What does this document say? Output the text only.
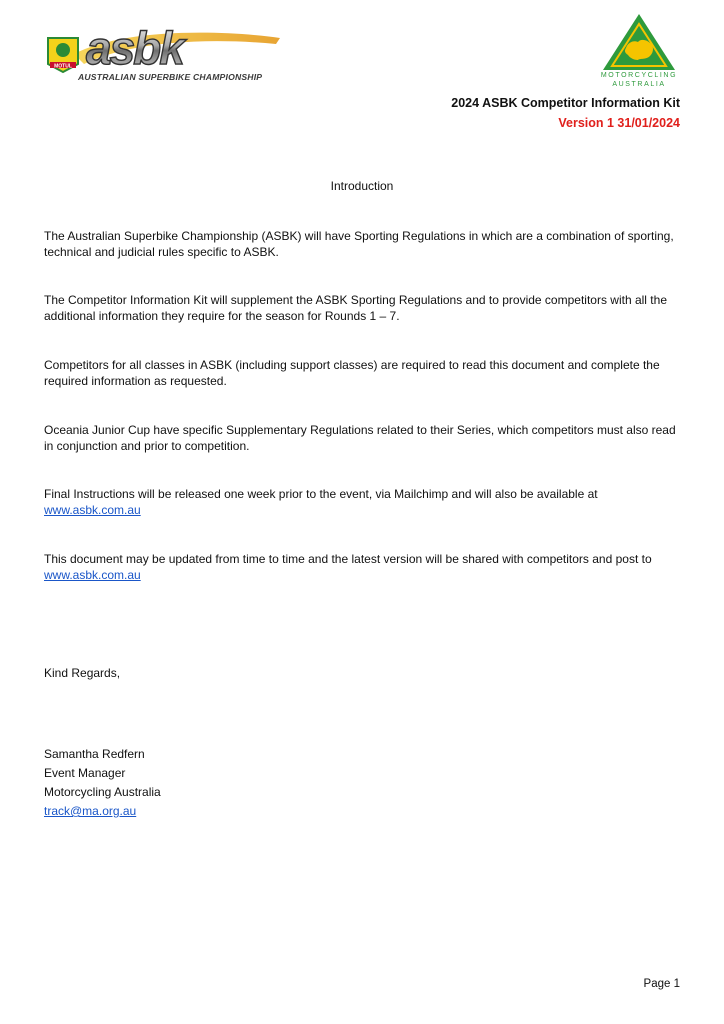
MOTUL asbk
AUSTRALIAN SUPERBIKE CHAMPIONSHIP	MOTORCYCLING
AUSTRALIA
2024 ASBK Competitor Information Kit
Version 1 31/01/2024
Introduction
The Australian Superbike Championship (ASBK) will have Sporting Regulations in which are a combination of sporting, technical and judicial rules specific to ASBK.
The Competitor Information Kit will supplement the ASBK Sporting Regulations and to provide competitors with all the additional information they require for the season for Rounds 1 – 7.
Competitors for all classes in ASBK (including support classes) are required to read this document and complete the required information as requested.
Oceania Junior Cup have specific Supplementary Regulations related to their Series, which competitors must also read in conjunction and prior to competition.
Final Instructions will be released one week prior to the event, via Mailchimp and will also be available at
www.asbk.com.au
This document may be updated from time to time and the latest version will be shared with competitors and post to
www.asbk.com.au
Kind Regards,
Samantha Redfern
Event Manager
Motorcycling Australia
track@ma.org.au
Page 1
